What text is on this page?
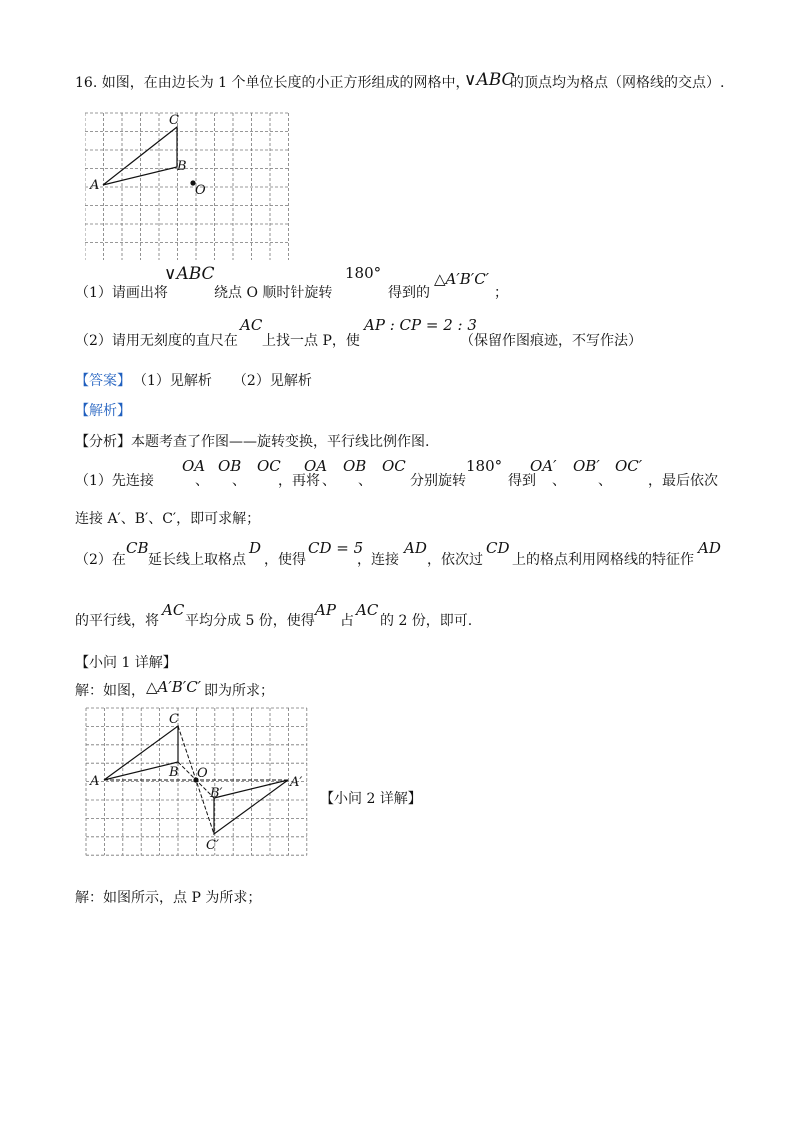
16. 如图，在由边长为 1 个单位长度的小正方形组成的网格中，
∨ABC
的顶点均为格点（网格线的交点）.
A
C
B
O
（1）请画出将
∨ABC
绕点 O 顺时针旋转
180°
得到的
△A′B′C′
；
（2）请用无刻度的直尺在
AC
上找一点 P，使
AP : CP = 2 : 3
（保留作图痕迹，不写作法）
【答案】 （1）见解析　　（2）见解析
【解析】
【分析】本题考查了作图——旋转变换，平行线比例作图.
（1）先连接
OA
、
OB
、
OC
，再将
OA
、
OB
、
OC
分别旋转
180°
得到
OA′
、
OB′
、
OC′
，最后依次
连接 A′、B′、C′，即可求解；
（2）在
CB
延长线上取格点
D
，使得
CD = 5
，连接
AD
，依次过
CD
上的格点利用网格线的特征作
AD
的平行线，将
AC
平均分成 5 份，使得
AP
占
AC
的 2 份，即可.
【小问 1 详解】
解：如图， △A′B′C′ 即为所求；
A
C
B O
A′
B′
C′
【小问 2 详解】
解：如图所示，点 P 为所求；
